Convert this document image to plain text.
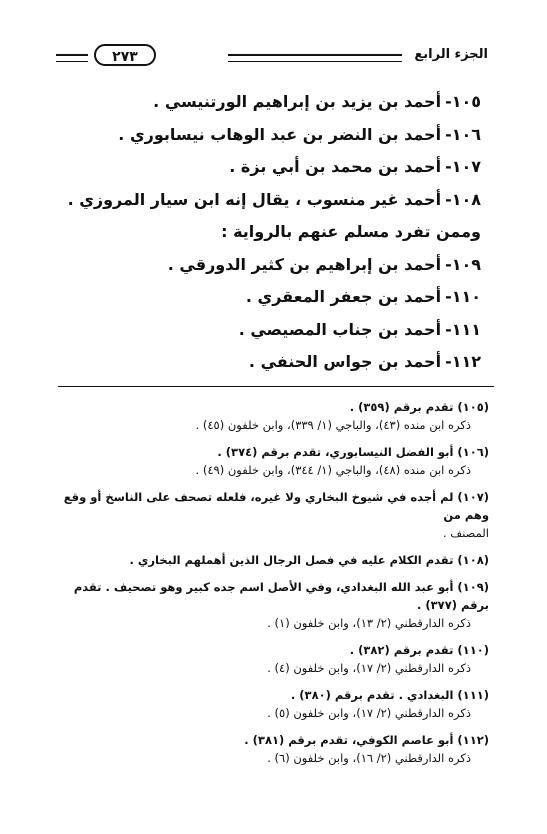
الجزء الرابع
٢٧٣
١٠٥-أحمد بن يزيد بن إبراهيم الورتنيسي .
١٠٦-أحمد بن النضر بن عبد الوهاب نيسابوري .
١٠٧-أحمد بن محمد بن أبي بزة .
١٠٨-أحمد غير منسوب ، يقال إنه ابن سيار المروزي .
وممن تفرد مسلم عنهم بالرواية :
١٠٩-أحمد بن إبراهيم بن كثير الدورقي .
١١٠-أحمد بن جعفر المعقري .
١١١-أحمد بن جناب المصيصي .
١١٢-أحمد بن جواس الحنفي .
(١٠٥) تقدم برقم (٣٥٩) .
ذكره ابن منده (٤٣)، والباجي (١/ ٣٣٩)، وابن خلفون (٤٥) .
(١٠٦) أبو الفضل النيسابوري، تقدم برقم (٣٧٤) .
ذكره ابن منده (٤٨)، والباجي (١/ ٣٤٤)، وابن خلفون (٤٩) .
(١٠٧) لم أجده في شيوخ البخاري ولا غيره، فلعله تصحف على الناسخ أو وقع وهم من
المصنف .
(١٠٨) تقدم الكلام عليه في فصل الرجال الذين أهملهم البخاري .
(١٠٩) أبو عبد الله البغدادي، وفي الأصل اسم جده كبير وهو تصحيف . تقدم برقم (٣٧٧) .
ذكره الدارقطني (٢/ ١٣)، وابن خلفون (١) .
(١١٠) تقدم برقم (٣٨٢) .
ذكره الدارقطني (٢/ ١٧)، وابن خلفون (٤) .
(١١١) البغدادي . تقدم برقم (٣٨٠) .
ذكره الدارقطني (٢/ ١٧)، وابن خلفون (٥) .
(١١٢) أبو عاصم الكوفي، تقدم برقم (٣٨١) .
ذكره الدارقطني (٢/ ١٦)، وابن خلفون (٦) .
